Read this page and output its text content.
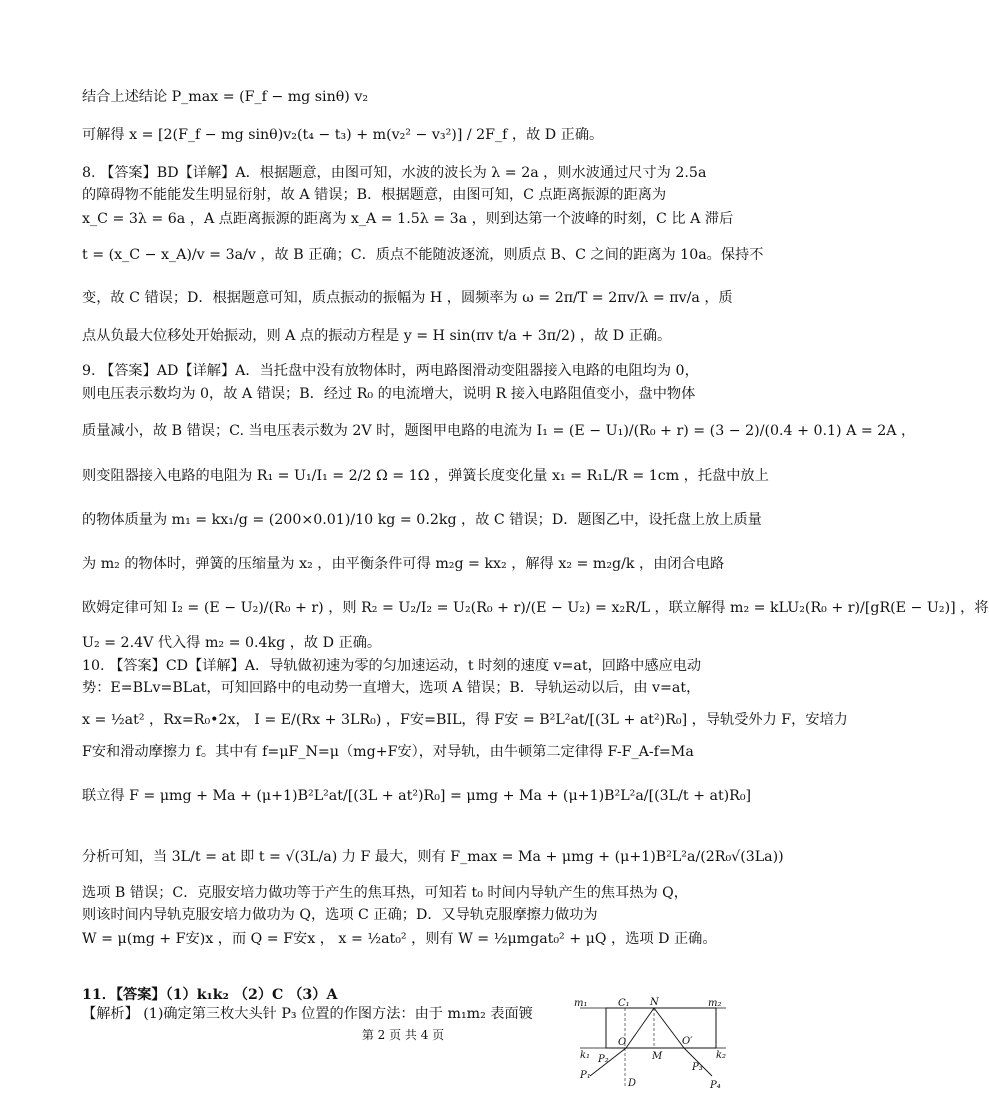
结合上述结论 P_max = (F_f − mg sinθ) v₂
可解得 x = [2(F_f − mg sinθ)v₂(t₄ − t₃) + m(v₂² − v₃²)] / 2F_f ，故 D 正确。
8. 【答案】BD【详解】A．根据题意，由图可知，水波的波长为 λ = 2a ，则水波通过尺寸为 2.5a
的障碍物不能能发生明显衍射，故 A 错误；B．根据题意，由图可知，C 点距离振源的距离为
x_C = 3λ = 6a ，A 点距离振源的距离为 x_A = 1.5λ = 3a ，则到达第一个波峰的时刻，C 比 A 滞后
t = (x_C − x_A)/v = 3a/v ，故 B 正确；C．质点不能随波逐流，则质点 B、C 之间的距离为 10a。保持不
变，故 C 错误；D．根据题意可知，质点振动的振幅为 H ，圆频率为 ω = 2π/T = 2πv/λ = πv/a ，质
点从负最大位移处开始振动，则 A 点的振动方程是 y = H sin(πv t/a + 3π/2) ，故 D 正确。
9. 【答案】AD【详解】A．当托盘中没有放物体时，两电路图滑动变阻器接入电路的电阻均为 0，
则电压表示数均为 0，故 A 错误；B．经过 R₀ 的电流增大，说明 R 接入电路阻值变小，盘中物体
质量减小，故 B 错误；C. 当电压表示数为 2V 时，题图甲电路的电流为 I₁ = (E − U₁)/(R₀ + r) = (3 − 2)/(0.4 + 0.1) A = 2A ，
则变阻器接入电路的电阻为 R₁ = U₁/I₁ = 2/2 Ω = 1Ω ，弹簧长度变化量 x₁ = R₁L/R = 1cm ，托盘中放上
的物体质量为 m₁ = kx₁/g = (200×0.01)/10 kg = 0.2kg ，故 C 错误；D．题图乙中，设托盘上放上质量
为 m₂ 的物体时，弹簧的压缩量为 x₂ ，由平衡条件可得 m₂g = kx₂ ，解得 x₂ = m₂g/k ，由闭合电路
欧姆定律可知 I₂ = (E − U₂)/(R₀ + r) ，则 R₂ = U₂/I₂ = U₂(R₀ + r)/(E − U₂) = x₂R/L ，联立解得 m₂ = kLU₂(R₀ + r)/[gR(E − U₂)] ，将
U₂ = 2.4V 代入得 m₂ = 0.4kg ，故 D 正确。
10. 【答案】CD【详解】A．导轨做初速为零的匀加速运动，t 时刻的速度 v=at，回路中感应电动
势：E=BLv=BLat，可知回路中的电动势一直增大，选项 A 错误；B．导轨运动以后，由 v=at，
x = ½at² ，Rx=R₀•2x， I = E/(Rx + 3LR₀) ，F安=BIL，得 F安 = B²L²at/[(3L + at²)R₀] ，导轨受外力 F，安培力
F安和滑动摩擦力 f。其中有 f=μF_N=μ（mg+F安），对导轨，由牛顿第二定律得 F-F_A-f=Ma
联立得 F = μmg + Ma + (μ+1)B²L²at/[(3L + at²)R₀] = μmg + Ma + (μ+1)B²L²a/[(3L/t + at)R₀]
分析可知，当 3L/t = at 即 t = √(3L/a) 力 F 最大，则有 F_max = Ma + μmg + (μ+1)B²L²a/(2R₀√(3La))
选项 B 错误；C．克服安培力做功等于产生的焦耳热，可知若 t₀ 时间内导轨产生的焦耳热为 Q，
则该时间内导轨克服安培力做功为 Q，选项 C 正确；D．又导轨克服摩擦力做功为
W = μ(mg + F安)x ，而 Q = F安x ， x = ½at₀² ，则有 W = ½μmgat₀² + μQ ，选项 D 正确。
11．【答案】（1）k₁k₂ （2）C （3）A
【解析】 (1)确定第三枚大头针 P₃ 位置的作图方法：由于 m₁m₂ 表面镀
第 2 页 共 4 页
m₁	C₁ N	m₂
O
M
O′
k₁	k₂
P₁
P₂
P₃
P₄
D
